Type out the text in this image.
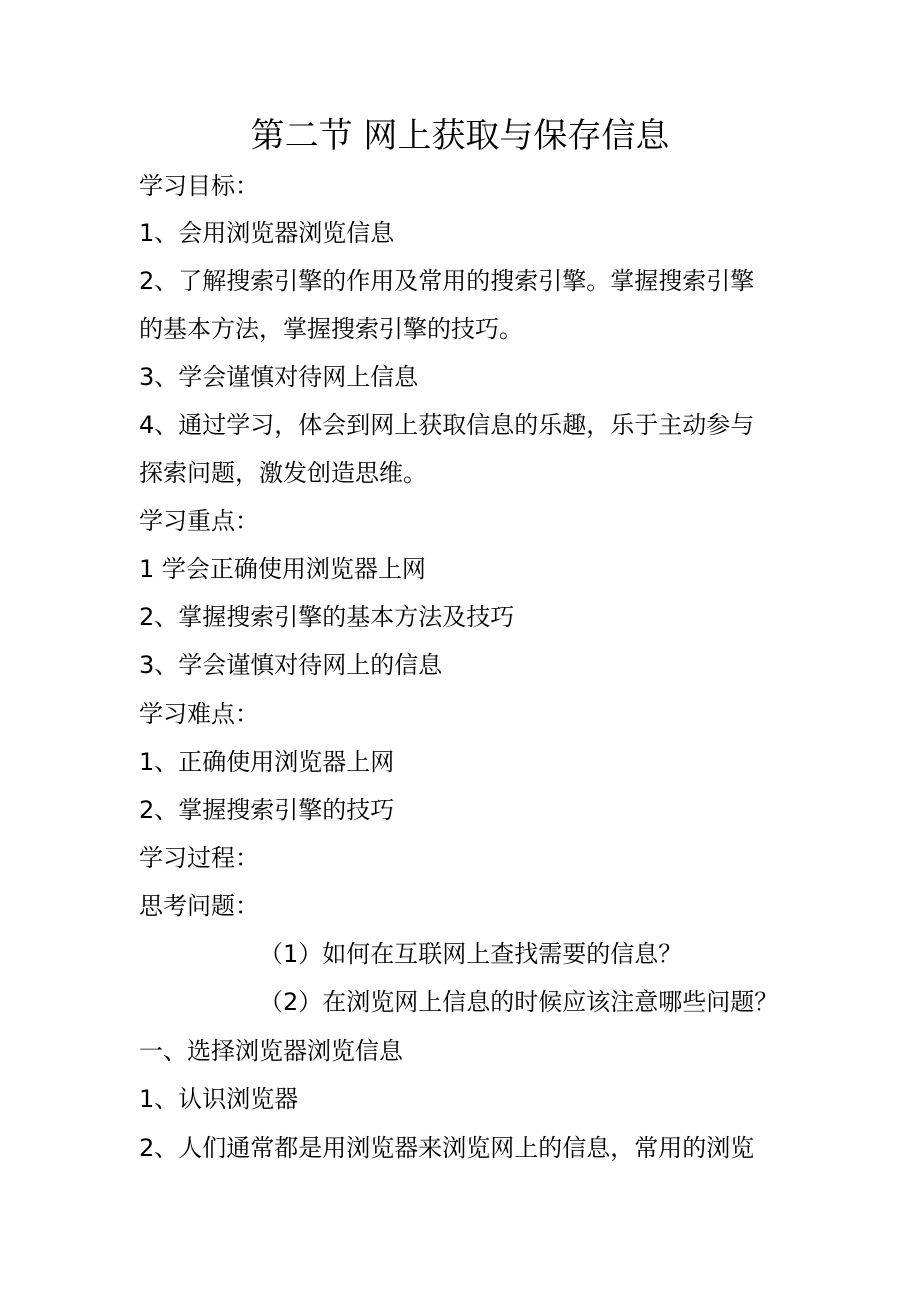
第二节 网上获取与保存信息
学习目标：
1、会用浏览器浏览信息
2、了解搜索引擎的作用及常用的搜索引擎。掌握搜索引擎
的基本方法，掌握搜索引擎的技巧。
3、学会谨慎对待网上信息
4、通过学习，体会到网上获取信息的乐趣，乐于主动参与
探索问题，激发创造思维。
学习重点：
1 学会正确使用浏览器上网
2、掌握搜索引擎的基本方法及技巧
3、学会谨慎对待网上的信息
学习难点：
1、正确使用浏览器上网
2、掌握搜索引擎的技巧
学习过程：
思考问题：
（1）如何在互联网上查找需要的信息？
（2）在浏览网上信息的时候应该注意哪些问题？
一、选择浏览器浏览信息
1、认识浏览器
2、人们通常都是用浏览器来浏览网上的信息，常用的浏览
